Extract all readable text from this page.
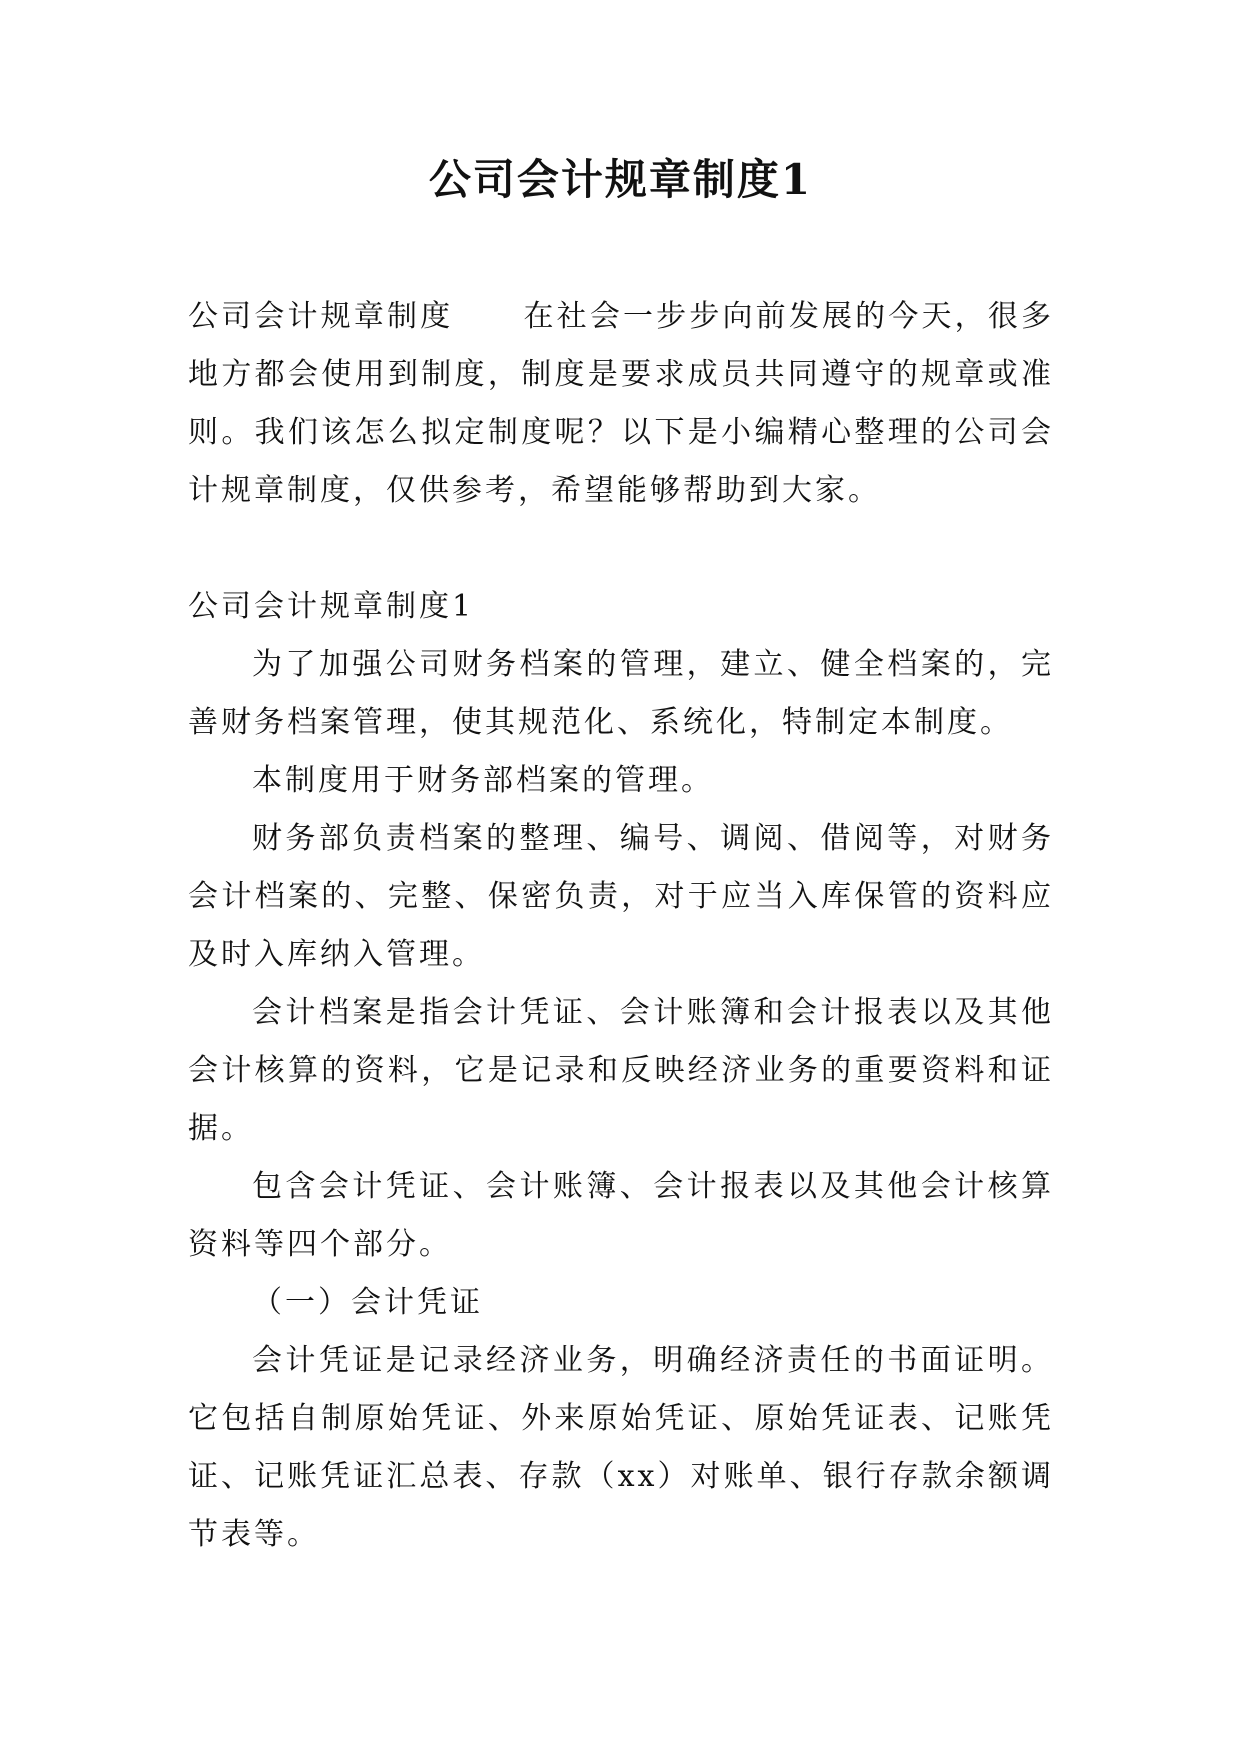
公司会计规章制度1

公司会计规章制度 在社会一步步向前发展的今天，很多地方都会使用到制度，制度是要求成员共同遵守的规章或准则。我们该怎么拟定制度呢？以下是小编精心整理的公司会计规章制度，仅供参考，希望能够帮助到大家。

公司会计规章制度1

为了加强公司财务档案的管理，建立、健全档案的，完善财务档案管理，使其规范化、系统化，特制定本制度。

本制度用于财务部档案的管理。

财务部负责档案的整理、编号、调阅、借阅等，对财务会计档案的、完整、保密负责，对于应当入库保管的资料应及时入库纳入管理。

会计档案是指会计凭证、会计账簿和会计报表以及其他会计核算的资料，它是记录和反映经济业务的重要资料和证据。

包含会计凭证、会计账簿、会计报表以及其他会计核算资料等四个部分。

（一）会计凭证

会计凭证是记录经济业务，明确经济责任的书面证明。它包括自制原始凭证、外来原始凭证、原始凭证表、记账凭证、记账凭证汇总表、存款（xx）对账单、银行存款余额调节表等。
